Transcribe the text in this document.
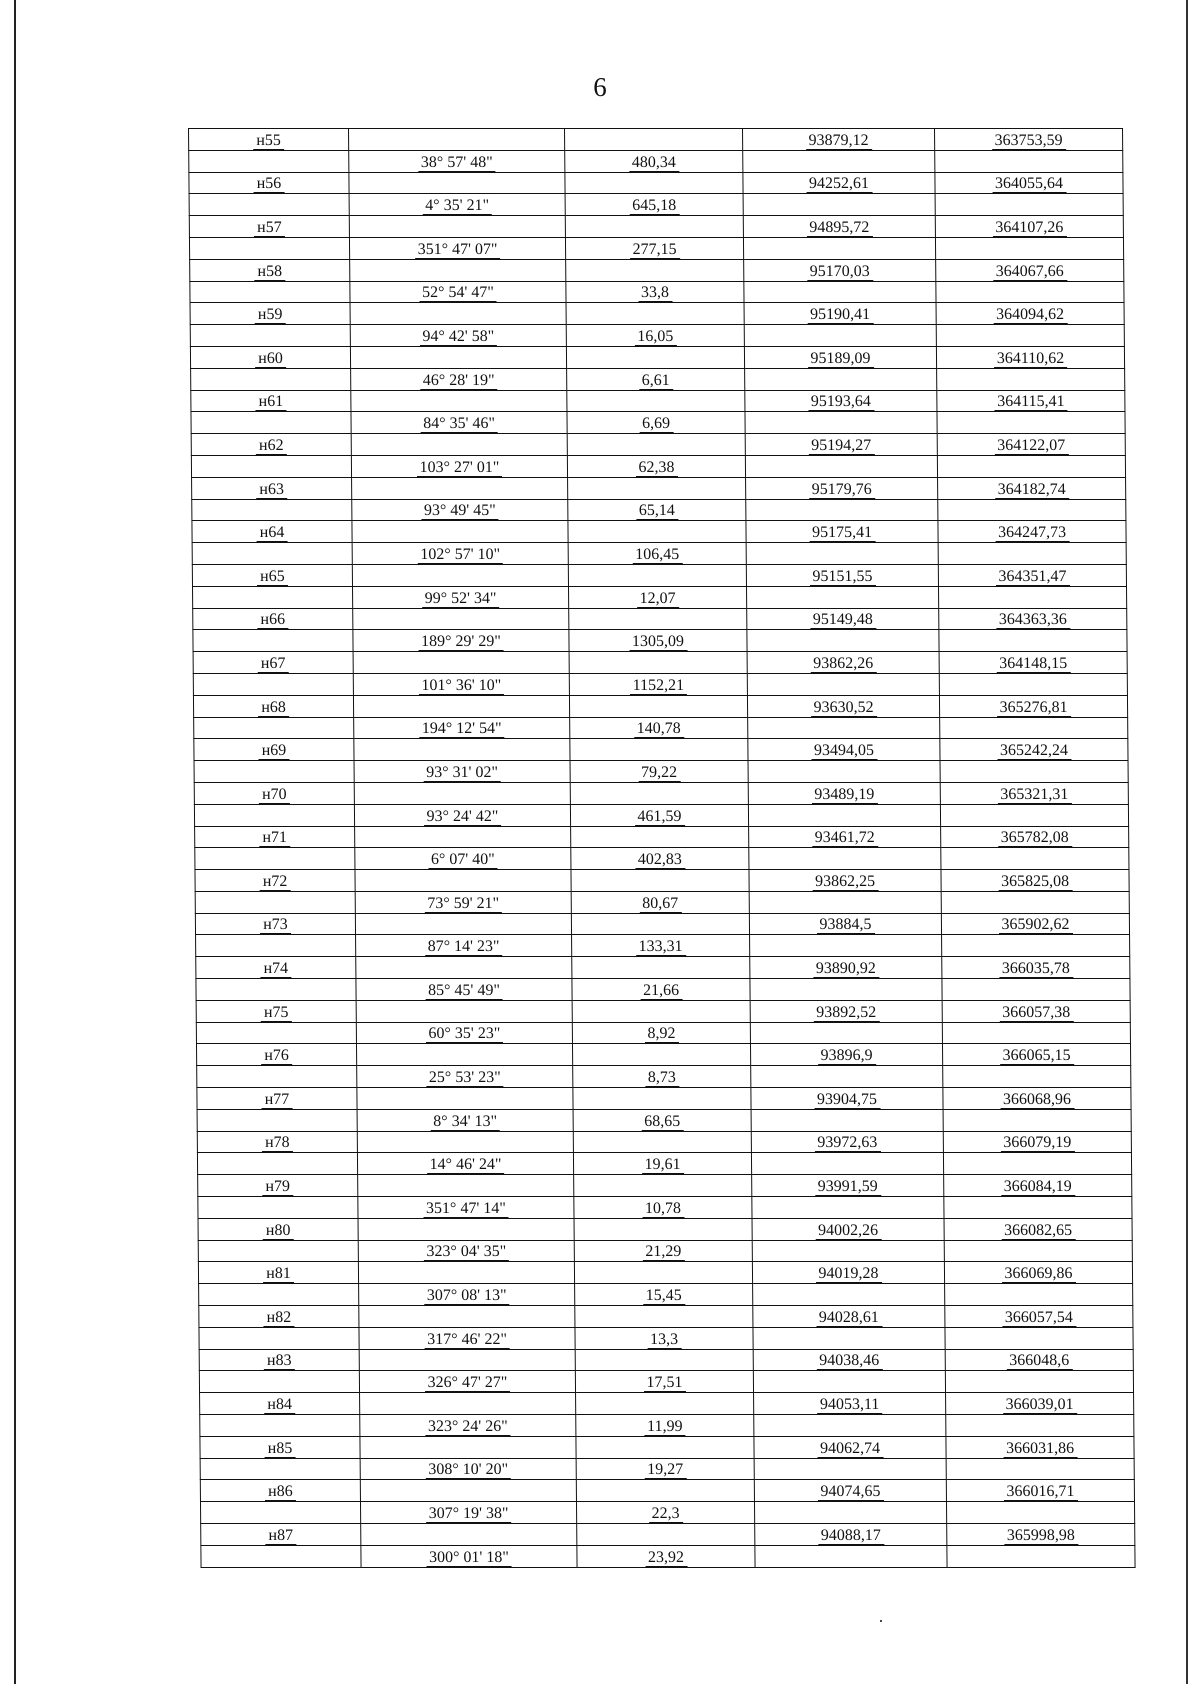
6
н55			93879,12	363753,59
	38° 57' 48"	480,34		
н56			94252,61	364055,64
	4° 35' 21"	645,18		
н57			94895,72	364107,26
	351° 47' 07"	277,15		
н58			95170,03	364067,66
	52° 54' 47"	33,8		
н59			95190,41	364094,62
	94° 42' 58"	16,05		
н60			95189,09	364110,62
	46° 28' 19"	6,61		
н61			95193,64	364115,41
	84° 35' 46"	6,69		
н62			95194,27	364122,07
	103° 27' 01"	62,38		
н63			95179,76	364182,74
	93° 49' 45"	65,14		
н64			95175,41	364247,73
	102° 57' 10"	106,45		
н65			95151,55	364351,47
	99° 52' 34"	12,07		
н66			95149,48	364363,36
	189° 29' 29"	1305,09		
н67			93862,26	364148,15
	101° 36' 10"	1152,21		
н68			93630,52	365276,81
	194° 12' 54"	140,78		
н69			93494,05	365242,24
	93° 31' 02"	79,22		
н70			93489,19	365321,31
	93° 24' 42"	461,59		
н71			93461,72	365782,08
	6° 07' 40"	402,83		
н72			93862,25	365825,08
	73° 59' 21"	80,67		
н73			93884,5	365902,62
	87° 14' 23"	133,31		
н74			93890,92	366035,78
	85° 45' 49"	21,66		
н75			93892,52	366057,38
	60° 35' 23"	8,92		
н76			93896,9	366065,15
	25° 53' 23"	8,73		
н77			93904,75	366068,96
	8° 34' 13"	68,65		
н78			93972,63	366079,19
	14° 46' 24"	19,61		
н79			93991,59	366084,19
	351° 47' 14"	10,78		
н80			94002,26	366082,65
	323° 04' 35"	21,29		
н81			94019,28	366069,86
	307° 08' 13"	15,45		
н82			94028,61	366057,54
	317° 46' 22"	13,3		
н83			94038,46	366048,6
	326° 47' 27"	17,51		
н84			94053,11	366039,01
	323° 24' 26"	11,99		
н85			94062,74	366031,86
	308° 10' 20"	19,27		
н86			94074,65	366016,71
	307° 19' 38"	22,3		
н87			94088,17	365998,98
	300° 01' 18"	23,92		
